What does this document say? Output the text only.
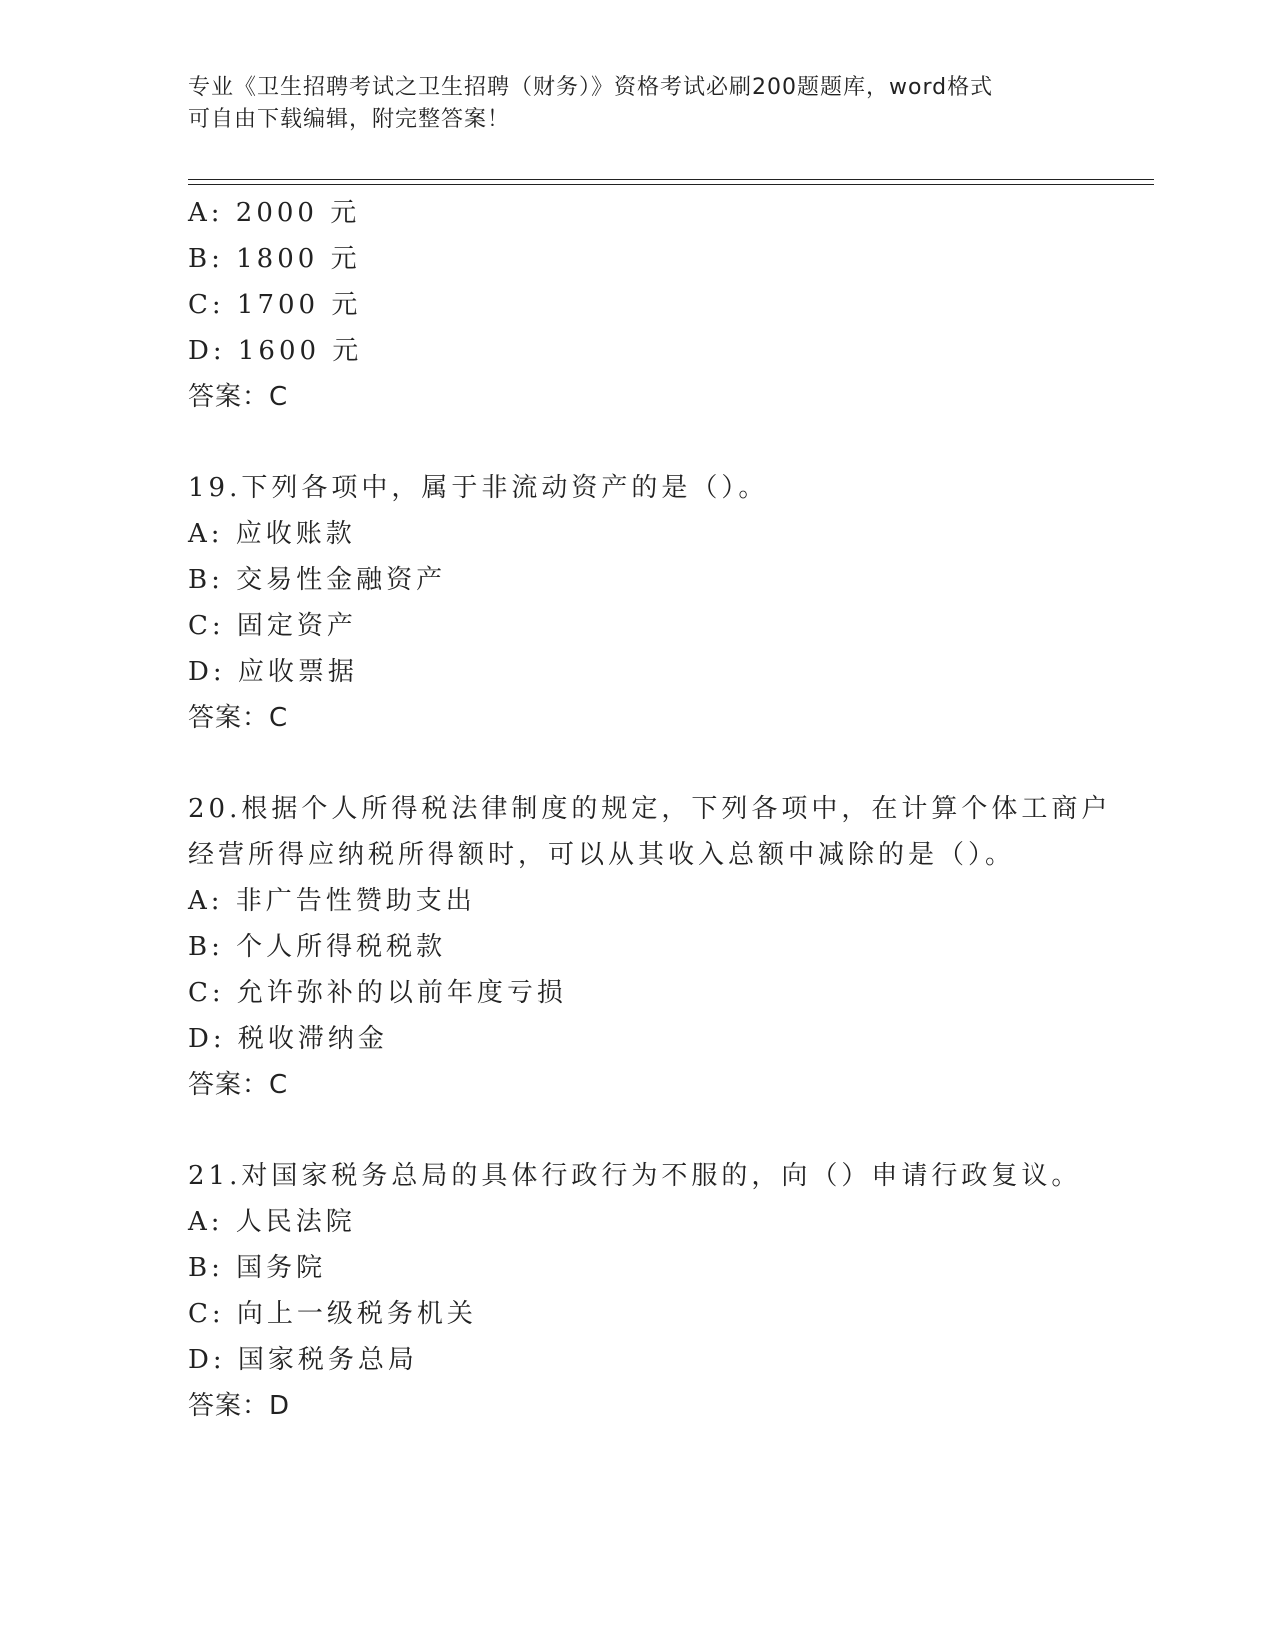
专业《卫生招聘考试之卫生招聘（财务）》资格考试必刷200题题库，word格式
可自由下载编辑，附完整答案！
A: 2000 元
B: 1800 元
C: 1700 元
D: 1600 元
答案：C
19.下列各项中，属于非流动资产的是（）。
A: 应收账款
B: 交易性金融资产
C: 固定资产
D: 应收票据
答案：C
20.根据个人所得税法律制度的规定，下列各项中，在计算个体工商户
经营所得应纳税所得额时，可以从其收入总额中减除的是（）。
A: 非广告性赞助支出
B: 个人所得税税款
C: 允许弥补的以前年度亏损
D: 税收滞纳金
答案：C
21.对国家税务总局的具体行政行为不服的，向（）申请行政复议。
A: 人民法院
B: 国务院
C: 向上一级税务机关
D: 国家税务总局
答案：D
